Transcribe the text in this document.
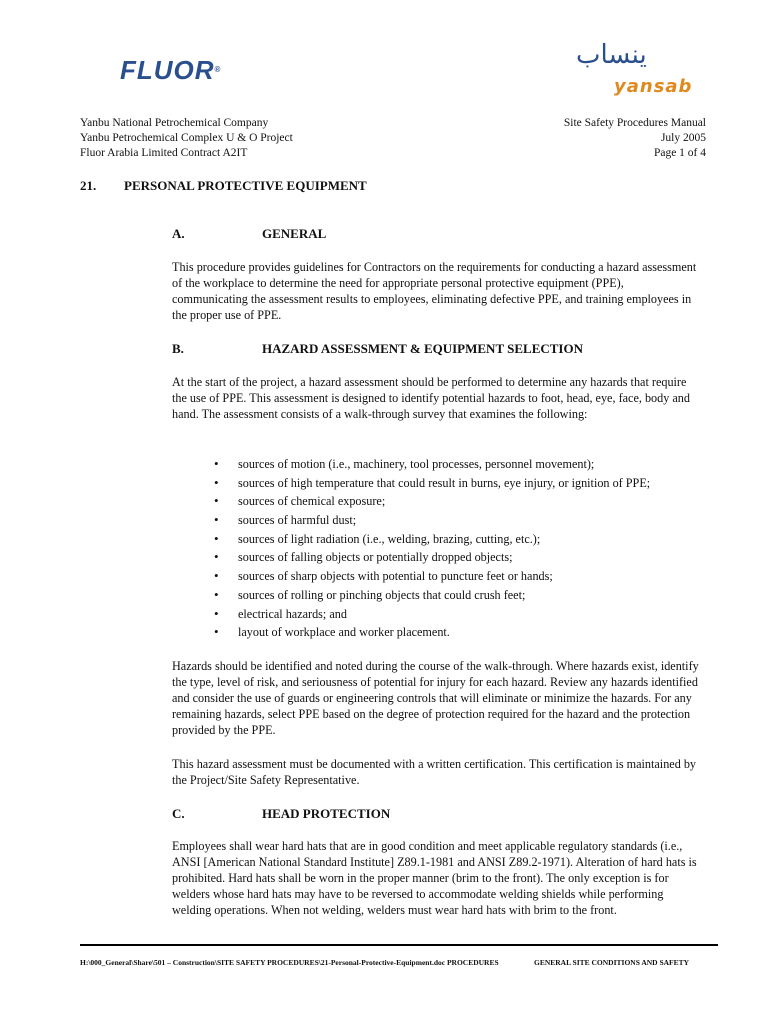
FLUOR®	ينساب
yansab
Yanbu National Petrochemical Company
Yanbu Petrochemical Complex U & O Project
Fluor Arabia Limited Contract A2IT
Site Safety Procedures Manual
July 2005
Page 1 of 4
21. PERSONAL PROTECTIVE EQUIPMENT
A.	GENERAL

This procedure provides guidelines for Contractors on the requirements for conducting a hazard assessment of the workplace to determine the need for appropriate personal protective equipment (PPE), communicating the assessment results to employees, eliminating defective PPE, and training employees in the proper use of PPE.

B.	HAZARD ASSESSMENT & EQUIPMENT SELECTION

At the start of the project, a hazard assessment should be performed to determine any hazards that require the use of PPE. This assessment is designed to identify potential hazards to foot, head, eye, face, body and hand. The assessment consists of a walk-through survey that examines the following:

• sources of motion (i.e., machinery, tool processes, personnel movement);
• sources of high temperature that could result in burns, eye injury, or ignition of PPE;
• sources of chemical exposure;
• sources of harmful dust;
• sources of light radiation (i.e., welding, brazing, cutting, etc.);
• sources of falling objects or potentially dropped objects;
• sources of sharp objects with potential to puncture feet or hands;
• sources of rolling or pinching objects that could crush feet;
• electrical hazards; and
• layout of workplace and worker placement.

Hazards should be identified and noted during the course of the walk-through. Where hazards exist, identify the type, level of risk, and seriousness of potential for injury for each hazard. Review any hazards identified and consider the use of guards or engineering controls that will eliminate or minimize the hazards. For any remaining hazards, select PPE based on the degree of protection required for the hazard and the protection provided by the PPE.

This hazard assessment must be documented with a written certification. This certification is maintained by the Project/Site Safety Representative.

C.	HEAD PROTECTION

Employees shall wear hard hats that are in good condition and meet applicable regulatory standards (i.e., ANSI [American National Standard Institute] Z89.1-1981 and ANSI Z89.2-1971). Alteration of hard hats is prohibited. Hard hats shall be worn in the proper manner (brim to the front). The only exception is for welders whose hard hats may have to be reversed to accommodate welding shields while performing welding operations. When not welding, welders must wear hard hats with brim to the front.

H:\000_General\Share\501 – Construction\SITE SAFETY PROCEDURES\21-Personal-Protective-Equipment.doc PROCEDURES	GENERAL SITE CONDITIONS AND SAFETY
